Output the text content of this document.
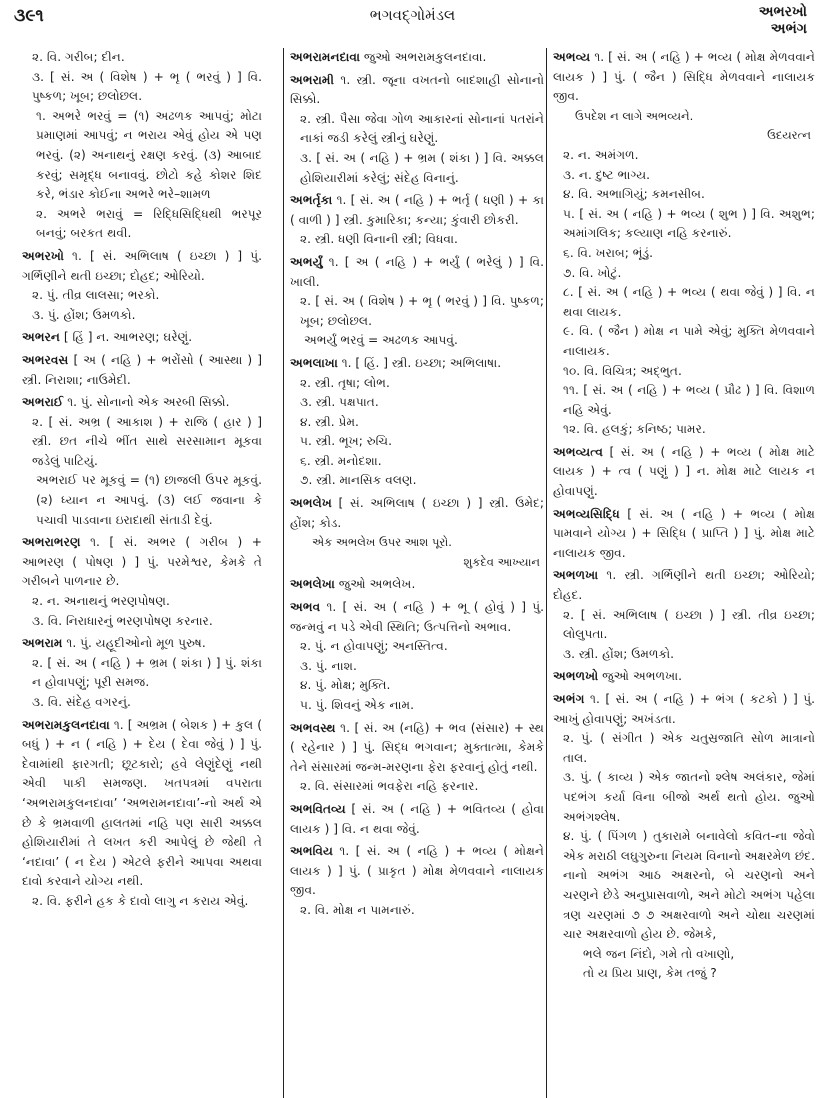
૩૯૧	ભગવદ્ગોમંડલ	અભરખો
અભંગ
૨. વિ. ગરીબ; દીન.
૩. [ સં. અ ( વિશેષ ) + ભૃ ( ભરવું ) ] વિ. પુષ્કળ; ખૂબ; છલોછલ.
૧. અભરે ભરવું = (૧) અઢળક આપવું; મોટા પ્રમાણમાં આપવું; ન ભરાય એવું હોય એ પણ ભરવું. (૨) અનાથનું રક્ષણ કરવું. (૩) આબાદ કરવું; સમૃદ્ધ બનાવવું. છોટો કહે કોશર શિદ કરે, ભંડાર કોઈના અભરે ભરે–શામળ
૨. અભરે ભરાવું = રિદ્ધિસિદ્ધિથી ભરપૂર બનવું; બરકત થવી.
અભરખો ૧. [ સં. અભિલાષ ( ઇચ્છા ) ] પું. ગર્ભિણીને થતી ઇચ્છા; દોહદ; ઓરિયો.
૨. પું. તીવ્ર લાલસા; ભરકો.
૩. પું. હોંશ; ઉમળકો.
અભરન [ હિં ] ન. આભરણ; ઘરેણું.
અભરવસ [ અ ( નહિ ) + ભરોંસો ( આસ્થા ) ] સ્ત્રી. નિરાશા; નાઉમેદી.
અભરાઈ ૧. પું. સોનાનો એક અરબી સિક્કો.
૨. [ સં. અભ્ર ( આકાશ ) + રાજિ ( હાર ) ] સ્ત્રી. છત નીચે ભીંત સાથે સરસામાન મૂકવા જડેલું પાટિયું.
અભરાઈ પર મૂકવું = (૧) છાજલી ઉપર મૂકવું. (૨) ધ્યાન ન આપવું. (૩) લઈ જવાના કે પચાવી પાડવાના ઇરાદાથી સંતાડી દેવું.
અભરાભરણ ૧. [ સં. અભર ( ગરીબ ) + આભરણ ( પોષણ ) ] પું. પરમેશ્વર, કેમકે તે ગરીબને પાળનાર છે.
૨. ન. અનાથનું ભરણપોષણ.
૩. વિ. નિરાધારનું ભરણપોષણ કરનાર.
અભરામ ૧. પું. યહૂદીઓનો મૂળ પુરુષ.
૨. [ સં. અ ( નહિ ) + ભ્રમ ( શંકા ) ] પું. શંકા ન હોવાપણું; પૂરી સમજ.
૩. વિ. સંદેહ વગરનું.
અભરામકુલનદાવા ૧. [ અભ્રમ ( બેશક ) + કુલ ( બધું ) + ન ( નહિ ) + દેય ( દેવા જેવું ) ] પું. દેવામાંથી ફારગતી; છૂટકારો; હવે લેણુંદેણું નથી એવી પાકી સમજણ. ખતપત્રમાં વપરાતા ‘અભરામકુલનદાવા’ ‘અભરામનદાવા’-નો અર્થ એ છે કે ભ્રમવાળી હાલતમાં નહિ પણ સારી અક્કલ હોશિયારીમાં તે લખત કરી આપેલું છે જેથી તે ‘નદાવા’ ( ન દેય ) એટલે ફરીને આપવા અથવા દાવો કરવાને યોગ્ય નથી.
૨. વિ. ફરીને હક કે દાવો લાગુ ન કરાય એવું.
અભરામનદાવા જુઓ અભરામકુલનદાવા.
અભરામી ૧. સ્ત્રી. જૂના વખતનો બાદશાહી સોનાનો સિક્કો.
૨. સ્ત્રી. પૈસા જેવા ગોળ આકારનાં સોનાનાં પતરાંને નાકાં જડી કરેલું સ્ત્રીનું ઘરેણું.
૩. [ સં. અ ( નહિ ) + ભ્રમ ( શંકા ) ] વિ. અક્કલ હોશિયારીમાં કરેલું; સંદેહ વિનાનું.
અભર્તૃકા ૧. [ સં. અ ( નહિ ) + ભર્તૃ ( ધણી ) + કા ( વાળી ) ] સ્ત્રી. કુમારિકા; કન્યા; કુંવારી છોકરી.
૨. સ્ત્રી. ધણી વિનાની સ્ત્રી; વિધવા.
અભર્યું ૧. [ અ ( નહિ ) + ભર્યું ( ભરેલું ) ] વિ. ખાલી.
૨. [ સં. અ ( વિશેષ ) + ભૃ ( ભરવું ) ] વિ. પુષ્કળ; ખૂબ; છલોછલ.
અભર્યું ભરવું = અઢળક આપવું.
અભલાખા ૧. [ હિં. ] સ્ત્રી. ઇચ્છા; અભિલાષા.
૨. સ્ત્રી. તૃષા; લોભ.
૩. સ્ત્રી. પક્ષપાત.
૪. સ્ત્રી. પ્રેમ.
૫. સ્ત્રી. ભૂખ; રુચિ.
૬. સ્ત્રી. મનોદશા.
૭. સ્ત્રી. માનસિક વલણ.
અભલેખ [ સં. અભિલાષ ( ઇચ્છા ) ] સ્ત્રી. ઉમેદ; હોંશ; કોડ.
એક અભલેખ ઉપર આશ પૂરો.
શુકદેવ આખ્યાન
અભલેખા જુઓ અભલેખ.
અભવ ૧. [ સં. અ ( નહિ ) + ભૂ ( હોવું ) ] પું. જન્મવું ન પડે એવી સ્થિતિ; ઉત્પત્તિનો અભાવ.
૨. પું. ન હોવાપણું; અનસ્તિત્વ.
૩. પું. નાશ.
૪. પું. મોક્ષ; મુક્તિ.
૫. પું. શિવનું એક નામ.
અભવસ્થ ૧. [ સં. અ (નહિ) + ભવ (સંસાર) + સ્થ ( રહેનાર ) ] પું. સિદ્ધ ભગવાન; મુક્તાત્મા, કેમકે તેને સંસારમાં જન્મ-મરણના ફેરા ફરવાનું હોતું નથી.
૨. વિ. સંસારમાં ભવફેરા નહિ ફરનાર.
અભવિતવ્ય [ સં. અ ( નહિ ) + ભવિતવ્ય ( હોવા લાયક ) ] વિ. ન થવા જેવું.
અભવિય ૧. [ સં. અ ( નહિ ) + ભવ્ય ( મોક્ષને લાયક ) ] પું. ( પ્રાકૃત ) મોક્ષ મેળવવાને નાલાયક જીવ.
૨. વિ. મોક્ષ ન પામનારું.
અભવ્ય ૧. [ સં. અ ( નહિ ) + ભવ્ય ( મોક્ષ મેળવવાને લાયક ) ] પું. ( જૈન ) સિદ્ધિ મેળવવાને નાલાયક જીવ.
ઉપદેશ ન લાગે અભવ્યને.
ઉદયરત્ન
૨. ન. અમંગળ.
૩. ન. દુષ્ટ ભાગ્ય.
૪. વિ. અભાગિયું; કમનસીબ.
૫. [ સં. અ ( નહિ ) + ભવ્ય ( શુભ ) ] વિ. અશુભ; અમાંગલિક; કલ્યાણ નહિ કરનારું.
૬. વિ. ખરાબ; ભૂંડું.
૭. વિ. ખોટું.
૮. [ સં. અ ( નહિ ) + ભવ્ય ( થવા જેવું ) ] વિ. ન થવા લાયક.
૯. વિ. ( જૈન ) મોક્ષ ન પામે એવું; મુક્તિ મેળવવાને નાલાયક.
૧૦. વિ. વિચિત્ર; અદ્ભુત.
૧૧. [ સં. અ ( નહિ ) + ભવ્ય ( પ્રૌઢ ) ] વિ. વિશાળ નહિ એવું.
૧૨. વિ. હલકું; કનિષ્ઠ; પામર.
અભવ્યત્વ [ સં. અ ( નહિ ) + ભવ્ય ( મોક્ષ માટે લાયક ) + ત્વ ( પણું ) ] ન. મોક્ષ માટે લાયક ન હોવાપણું.
અભવ્યસિદ્ધિ [ સં. અ ( નહિ ) + ભવ્ય ( મોક્ષ પામવાને યોગ્ય ) + સિદ્ધિ ( પ્રાપ્તિ ) ] પું. મોક્ષ માટે નાલાયક જીવ.
અભળખા ૧. સ્ત્રી. ગર્ભિણીને થતી ઇચ્છા; ઓરિયો; દોહદ.
૨. [ સં. અભિલાષ ( ઇચ્છા ) ] સ્ત્રી. તીવ્ર ઇચ્છા; લોલુપતા.
૩. સ્ત્રી. હોંશ; ઉમળકો.
અભળખો જુઓ અભળખા.
અભંગ ૧. [ સં. અ ( નહિ ) + ભંગ ( કટકો ) ] પું. આખું હોવાપણું; અખંડતા.
૨. પું. ( સંગીત ) એક ચતુસ્રજાતિ સોળ માત્રાનો તાલ.
૩. પું. ( કાવ્ય ) એક જાતનો શ્લેષ અલંકાર, જેમાં પદભંગ કર્યા વિના બીજો અર્થ થતો હોય. જુઓ અભંગશ્લેષ.
૪. પું. ( પિંગળ ) તુકારામે બનાવેલો કવિત-ના જેવો એક મરાઠી લઘુગુરુના નિયમ વિનાનો અક્ષરમેળ છંદ. નાનો અભંગ આઠ અક્ષરનો, બે ચરણનો અને ચરણને છેડે અનુપ્રાસવાળો, અને મોટો અભંગ પહેલા ત્રણ ચરણમાં ૭ ૭ અક્ષરવાળો અને ચોથા ચરણમાં ચાર અક્ષરવાળો હોય છે. જેમકે,
ભલે જન નિંદો, ગમે તો વખાણો,
તો ય પ્રિય પ્રાણ, કેમ તજું ?
